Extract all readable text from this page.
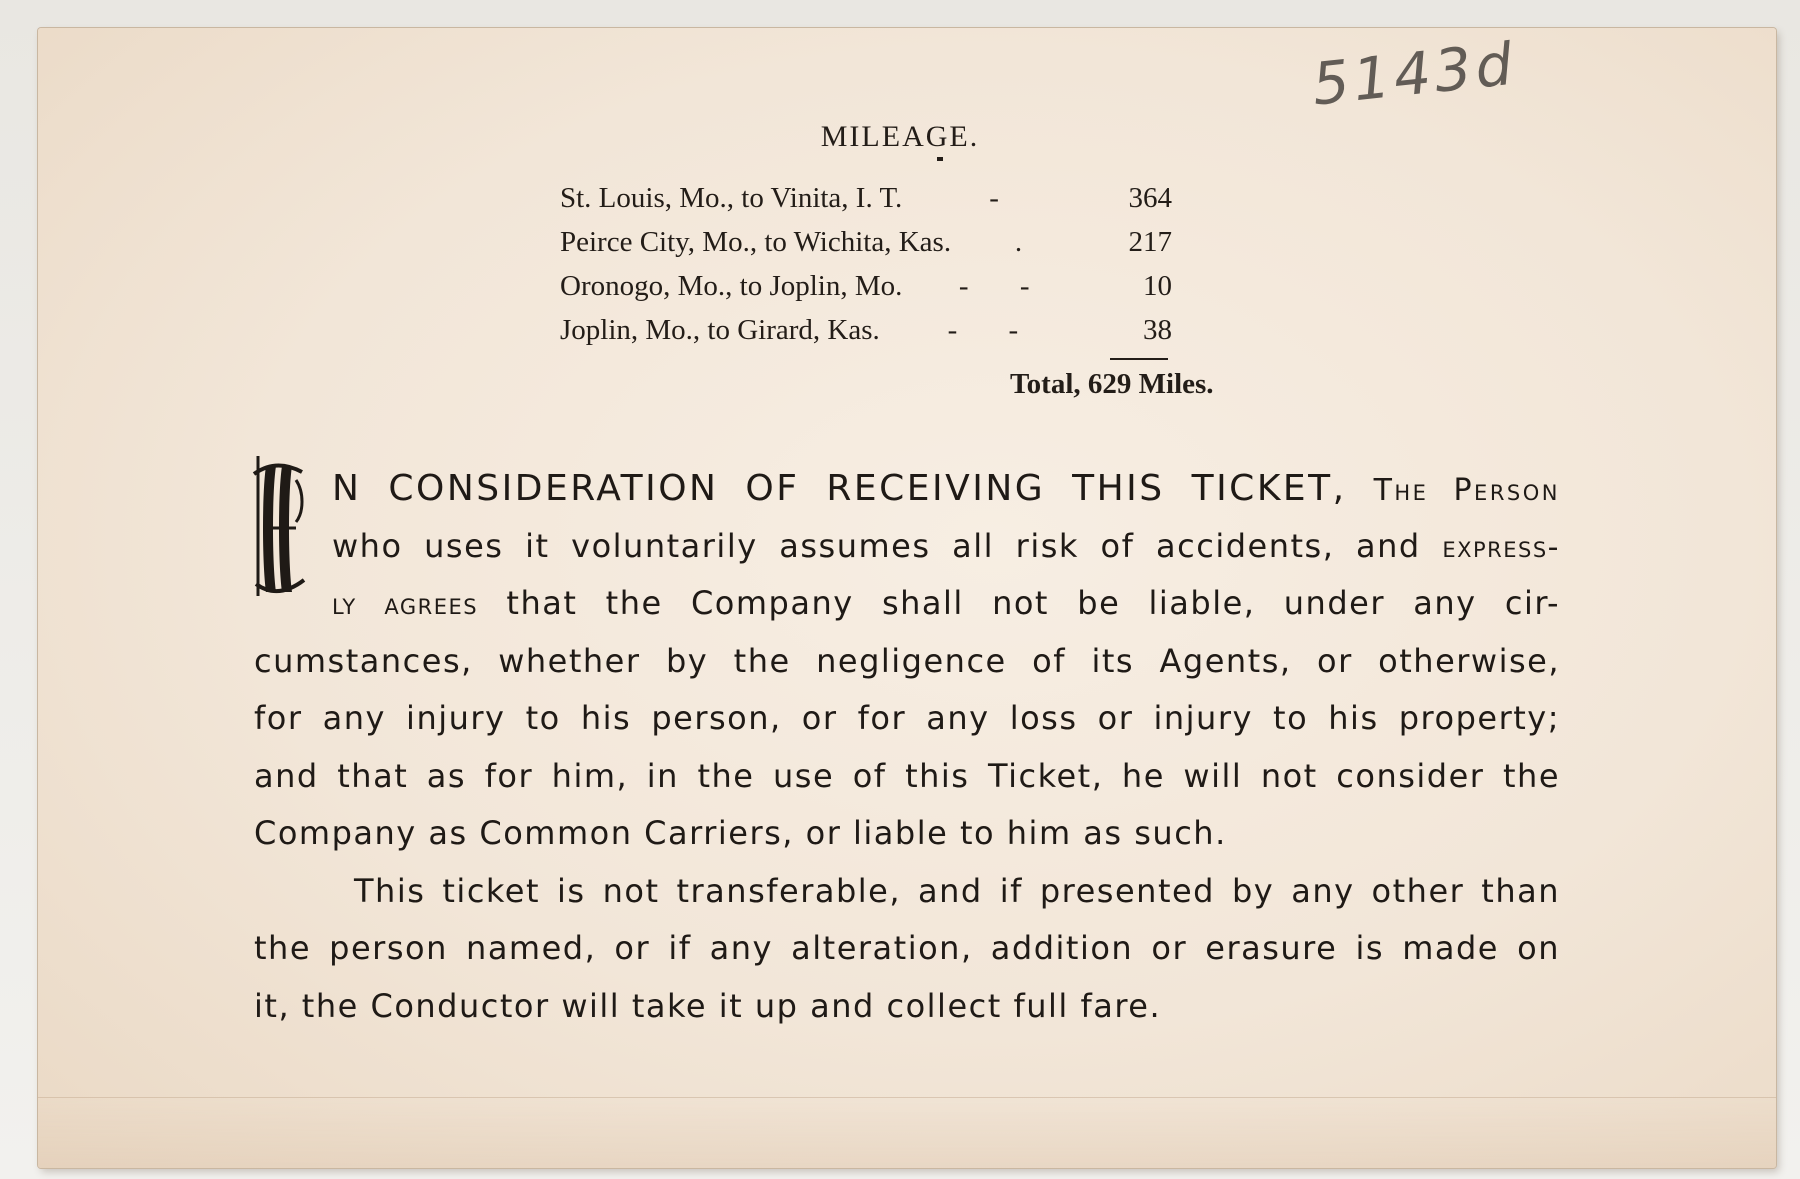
5143d
MILEAGE.
St. Louis, Mo., to Vinita, I. T.	-	364
Peirce City, Mo., to Wichita, Kas.	.	217
Oronogo, Mo., to Joplin, Mo.	- -	10
Joplin, Mo., to Girard, Kas.	- -	38
Total, 629 Miles.
N CONSIDERATION OF RECEIVING THIS TICKET, The Person
who uses it voluntarily assumes all risk of accidents, and express-
ly agrees that the Company shall not be liable, under any cir-
cumstances, whether by the negligence of its Agents, or otherwise,
for any injury to his person, or for any loss or injury to his property;
and that as for him, in the use of this Ticket, he will not consider the
Company as Common Carriers, or liable to him as such.
This ticket is not transferable, and if presented by any other than
the person named, or if any alteration, addition or erasure is made on
it, the Conductor will take it up and collect full fare.
